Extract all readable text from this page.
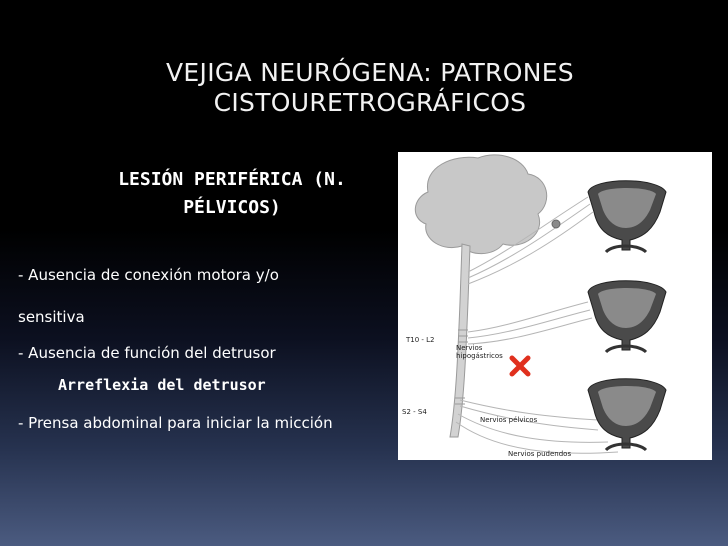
VEJIGA NEURÓGENA: PATRONES
CISTOURETROGRÁFICOS
LESIÓN PERIFÉRICA (N.
PÉLVICOS)
- Ausencia de conexión motora y/o
sensitiva
- Ausencia de función del detrusor
Arreflexia del detrusor
- Prensa abdominal para iniciar la micción
T10 - L2
Nervios
hipogástricos
S2 - S4
Nervios pélvicos
Nervios pudendos
